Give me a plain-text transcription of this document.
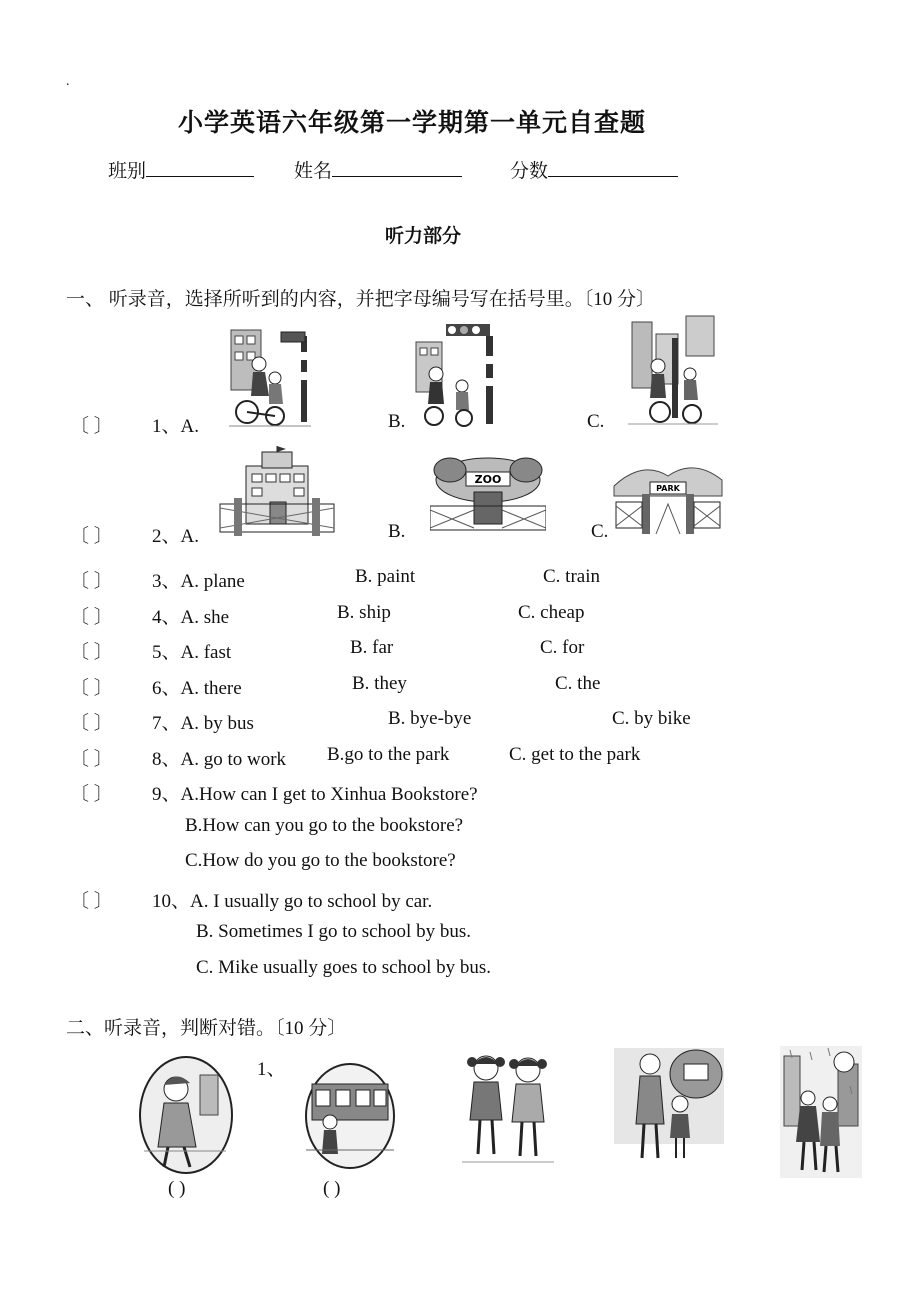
.
小学英语六年级第一学期第一单元自查题
班别	姓名	分数
听力部分
一、 听录音，选择所听到的内容，并把字母编号写在括号里。〔10 分〕
〔 〕 1、A.	B.	C.
ZOO
PARK
〔 〕 2、A.	B.	C.
〔 〕 3、A. plane	B. paint	C. train
〔 〕 4、A. she	B. ship	C. cheap
〔 〕 5、A. fast	B. far	C. for
〔 〕 6、A. there	B. they	C. the
〔 〕 7、A. by bus	B. bye-bye	C. by bike
〔 〕 8、A. go to work B.go to the park	C. get to the park
〔 〕 9、A.How can I get to Xinhua Bookstore?
B.How can you go to the bookstore?
C.How do you go to the bookstore?
〔 〕 10、A. I usually go to school by car.
B. Sometimes I go to school by bus.
C. Mike usually goes to school by bus.
二、听录音，判断对错。〔10 分〕
1、
( )	( )
